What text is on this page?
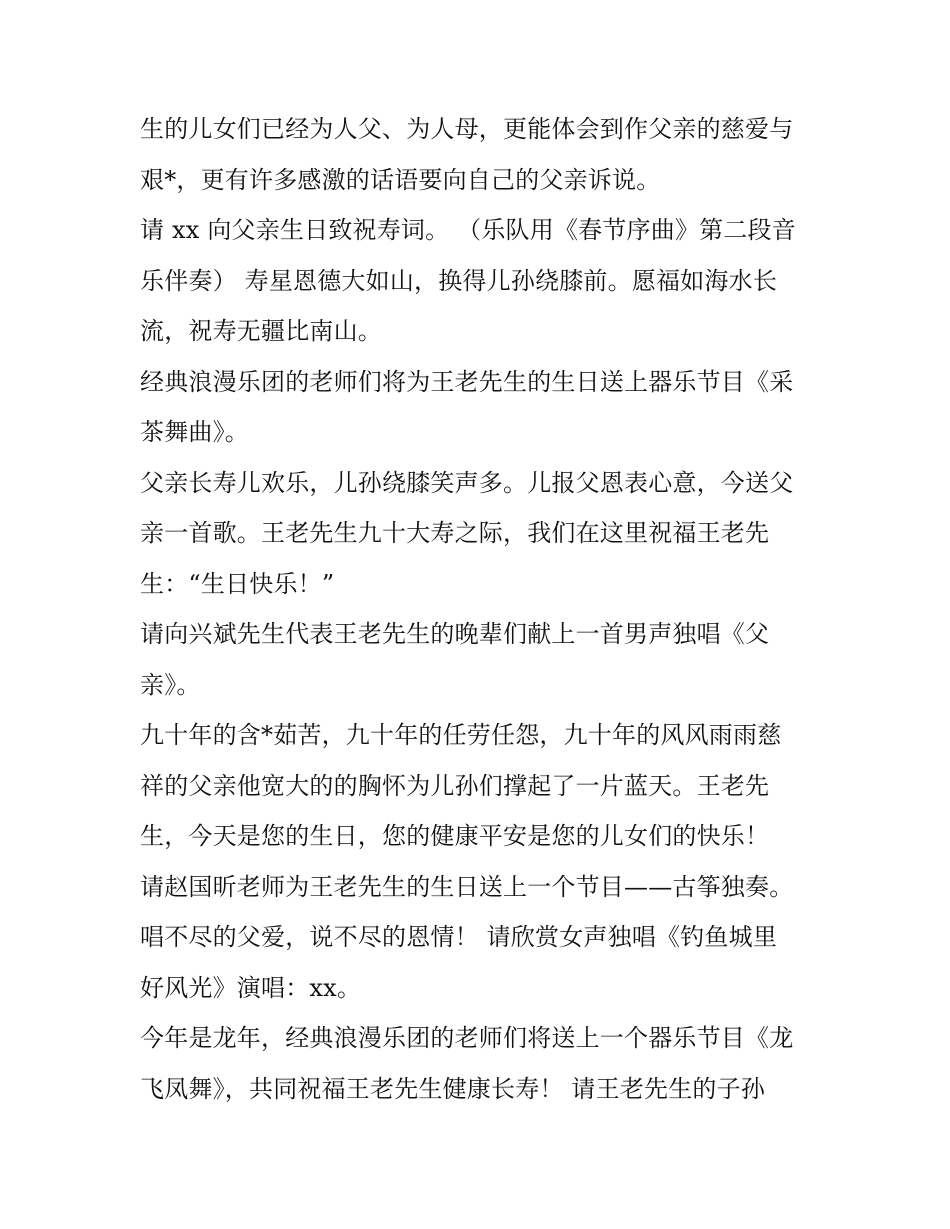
生的儿女们已经为人父、为人母，更能体会到作父亲的慈爱与
艰*，更有许多感激的话语要向自己的父亲诉说。
请 xx 向父亲生日致祝寿词。 （乐队用《春节序曲》第二段音
乐伴奏） 寿星恩德大如山，换得儿孙绕膝前。愿福如海水长
流，祝寿无疆比南山。
经典浪漫乐团的老师们将为王老先生的生日送上器乐节目《采
茶舞曲》。
父亲长寿儿欢乐，儿孙绕膝笑声多。儿报父恩表心意，今送父
亲一首歌。王老先生九十大寿之际，我们在这里祝福王老先
生：“生日快乐！”
请向兴斌先生代表王老先生的晚辈们献上一首男声独唱《父
亲》。
九十年的含*茹苦，九十年的任劳任怨，九十年的风风雨雨慈
祥的父亲他宽大的的胸怀为儿孙们撑起了一片蓝天。王老先
生，今天是您的生日，您的健康平安是您的儿女们的快乐！
请赵国昕老师为王老先生的生日送上一个节目——古筝独奏。
唱不尽的父爱，说不尽的恩情！ 请欣赏女声独唱《钓鱼城里
好风光》演唱：xx。
今年是龙年，经典浪漫乐团的老师们将送上一个器乐节目《龙
飞凤舞》，共同祝福王老先生健康长寿！ 请王老先生的子孙
